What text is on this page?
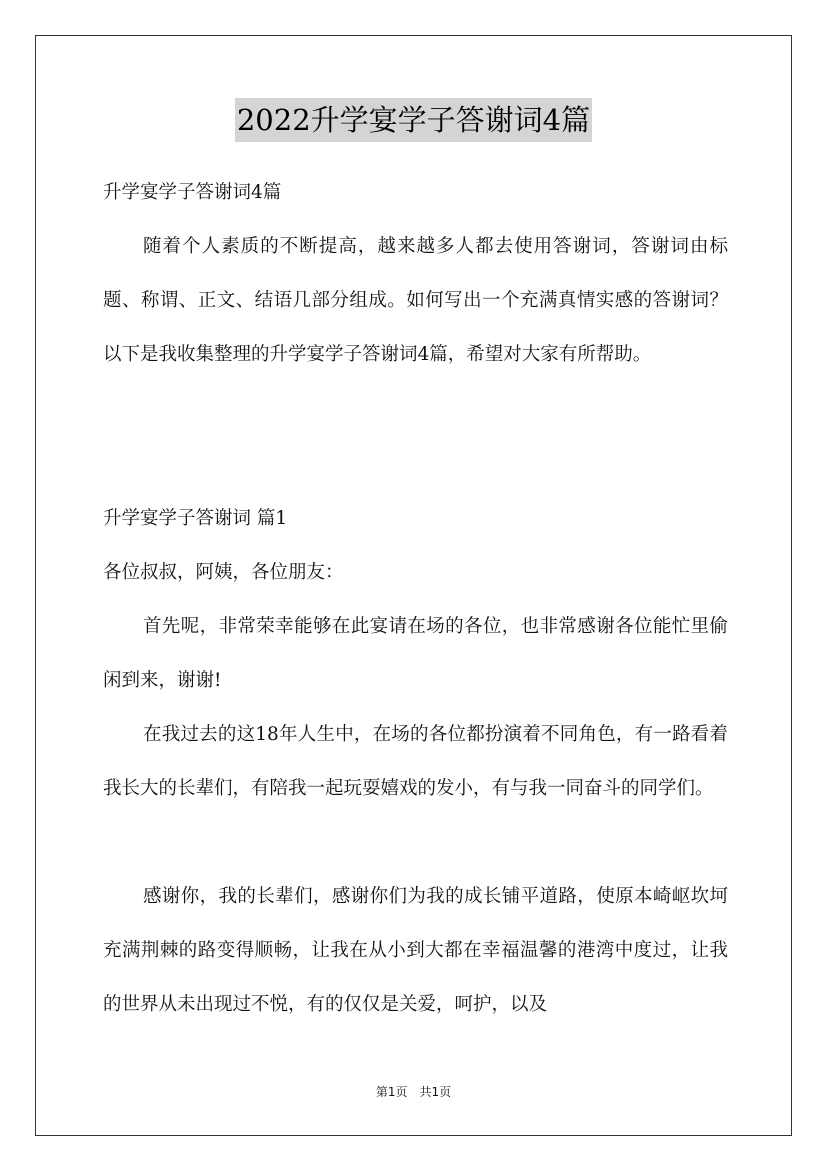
2022升学宴学子答谢词4篇

升学宴学子答谢词4篇

随着个人素质的不断提高，越来越多人都去使用答谢词，答谢词由标题、称谓、正文、结语几部分组成。如何写出一个充满真情实感的答谢词？以下是我收集整理的升学宴学子答谢词4篇，希望对大家有所帮助。

升学宴学子答谢词 篇1

各位叔叔，阿姨，各位朋友：

首先呢，非常荣幸能够在此宴请在场的各位，也非常感谢各位能忙里偷闲到来，谢谢!

在我过去的这18年人生中，在场的各位都扮演着不同角色，有一路看着我长大的长辈们，有陪我一起玩耍嬉戏的发小，有与我一同奋斗的同学们。

感谢你，我的长辈们，感谢你们为我的成长铺平道路，使原本崎岖坎坷充满荆棘的路变得顺畅，让我在从小到大都在幸福温馨的港湾中度过，让我的世界从未出现过不悦，有的仅仅是关爱，呵护，以及

第1页　共1页
